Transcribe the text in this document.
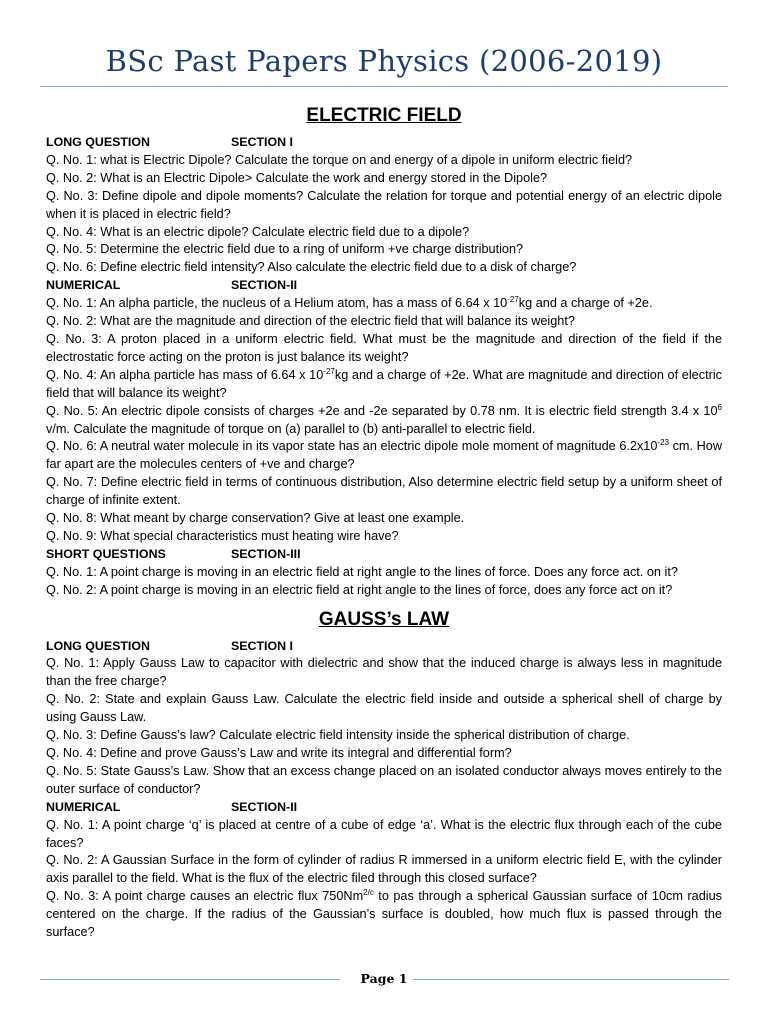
BSc Past Papers Physics (2006-2019)
ELECTRIC FIELD
LONG QUESTION	SECTION I
Q. No. 1: what is Electric Dipole? Calculate the torque on and energy of a dipole in uniform electric field?
Q. No. 2: What is an Electric Dipole> Calculate the work and energy stored in the Dipole?
Q. No. 3: Define dipole and dipole moments? Calculate the relation for torque and potential energy of an electric dipole when it is placed in electric field?
Q. No. 4: What is an electric dipole? Calculate electric field due to a dipole?
Q. No. 5: Determine the electric field due to a ring of uniform +ve charge distribution?
Q. No. 6: Define electric field intensity? Also calculate the electric field due to a disk of charge?
NUMERICAL	SECTION-II
Q. No. 1: An alpha particle, the nucleus of a Helium atom, has a mass of 6.64 x $10^{-27}kg$ and a charge of +2e.
Q. No. 2: What are the magnitude and direction of the electric field that will balance its weight?
Q. No. 3: A proton placed in a uniform electric field. What must be the magnitude and direction of the field if the electrostatic force acting on the proton is just balance its weight?
Q. No. 4: An alpha particle has mass of 6.64 x $10^{-27}kg$ and a charge of +2e. What are magnitude and direction of electric field that will balance its weight?
Q. No. 5: An electric dipole consists of charges +2e and -2e separated by 0.78 nm. It is electric field strength 3.4 x $10^6$ v/m. Calculate the magnitude of torque on (a) parallel to (b) anti-parallel to electric field.
Q. No. 6: A neutral water molecule in its vapor state has an electric dipole mole moment of magnitude $6.2x10^{-23}$ cm. How far apart are the molecules centers of +ve and charge?
Q. No. 7: Define electric field in terms of continuous distribution, Also determine electric field setup by a uniform sheet of charge of infinite extent.
Q. No. 8: What meant by charge conservation? Give at least one example.
Q. No. 9: What special characteristics must heating wire have?
SHORT QUESTIONS	SECTION-III
Q. No. 1: A point charge is moving in an electric field at right angle to the lines of force. Does any force act. on it?
Q. No. 2: A point charge is moving in an electric field at right angle to the lines of force, does any force act on it?
GAUSS’s LAW
LONG QUESTION	SECTION I
Q. No. 1: Apply Gauss Law to capacitor with dielectric and show that the induced charge is always less in magnitude than the free charge?
Q. No. 2: State and explain Gauss Law. Calculate the electric field inside and outside a spherical shell of charge by using Gauss Law.
Q. No. 3: Define Gauss’s law? Calculate electric field intensity inside the spherical distribution of charge.
Q. No. 4: Define and prove Gauss’s Law and write its integral and differential form?
Q. No. 5: State Gauss’s Law. Show that an excess change placed on an isolated conductor always moves entirely to the outer surface of conductor?
NUMERICAL	SECTION-II
Q. No. 1: A point charge ‘q’ is placed at centre of a cube of edge ‘a’. What is the electric flux through each of the cube faces?
Q. No. 2: A Gaussian Surface in the form of cylinder of radius R immersed in a uniform electric field E, with the cylinder axis parallel to the field. What is the flux of the electric filed through this closed surface?
Q. No. 3: A point charge causes an electric flux $750Nm^{2/c}$ to pas through a spherical Gaussian surface of 10cm radius centered on the charge. If the radius of the Gaussian’s surface is doubled, how much flux is passed through the surface?
Page 1
